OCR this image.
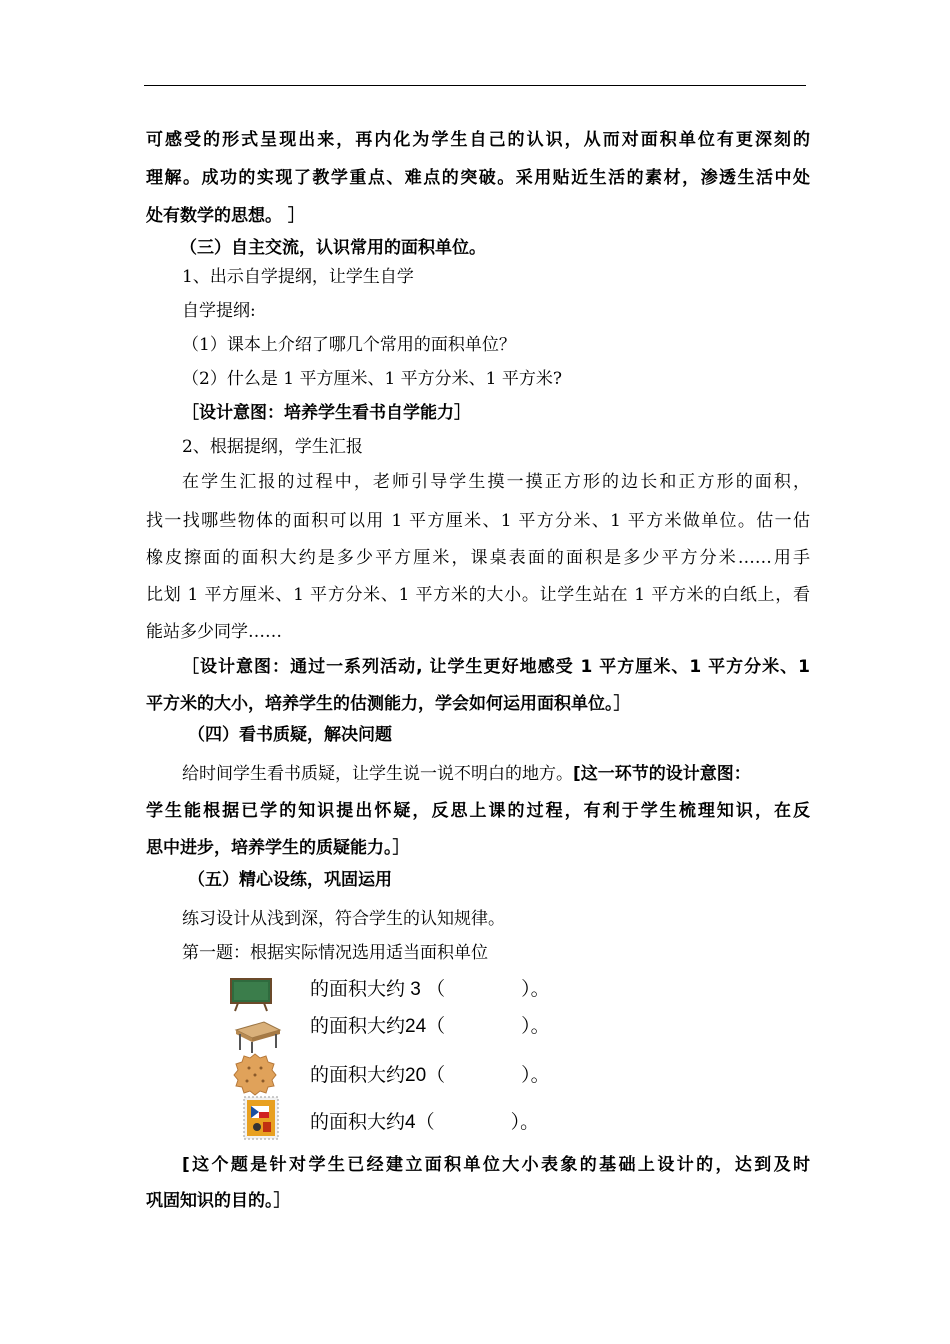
可感受的形式呈现出来，再内化为学生自己的认识，从而对面积单位有更深刻的
理解。成功的实现了教学重点、难点的突破。采用贴近生活的素材，渗透生活中处
处有数学的思想。 ］
（三）自主交流，认识常用的面积单位。
1、出示自学提纲，让学生自学
自学提纲:
（1）课本上介绍了哪几个常用的面积单位？
（2）什么是 1 平方厘米、1 平方分米、1 平方米?
［设计意图：培养学生看书自学能力］
2、根据提纲，学生汇报
在学生汇报的过程中，老师引导学生摸一摸正方形的边长和正方形的面积，
找一找哪些物体的面积可以用 1 平方厘米、1 平方分米、1 平方米做单位。估一估
橡皮擦面的面积大约是多少平方厘米，课桌表面的面积是多少平方分米……用手
比划 1 平方厘米、1 平方分米、1 平方米的大小。让学生站在 1 平方米的白纸上，看
能站多少同学……
［设计意图：通过一系列活动, 让学生更好地感受 1 平方厘米、1 平方分米、1
平方米的大小，培养学生的估测能力，学会如何运用面积单位。］
（四）看书质疑，解决问题
给时间学生看书质疑，让学生说一说不明白的地方。[这一环节的设计意图：
学生能根据已学的知识提出怀疑，反思上课的过程，有利于学生梳理知识，在反
思中进步，培养学生的质疑能力。］
（五）精心设练，巩固运用
练习设计从浅到深，符合学生的认知规律。
第一题：根据实际情况选用适当面积单位
的面积大约 3 （　　　　）。
的面积大约24（　　　　）。
的面积大约20（　　　　）。
的面积大约4（　　　　）。
[这个题是针对学生已经建立面积单位大小表象的基础上设计的，达到及时
巩固知识的目的。］
